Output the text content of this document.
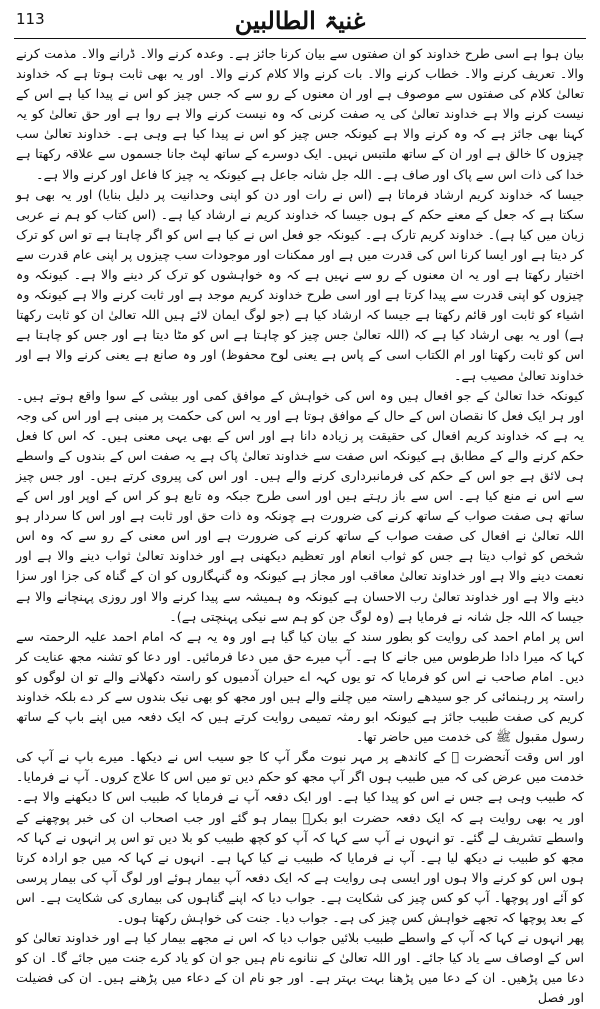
113	غنیۃ الطالبین

بیان ہوا ہے اسی طرح خداوند کو ان صفتوں سے بیان کرنا جائز ہے۔ وعدہ کرنے والا۔ ڈرانے والا۔ مذمت کرنے والا۔ تعریف کرنے والا۔ خطاب کرنے والا۔ بات کرنے والا کلام کرنے والا۔ اور یہ بھی ثابت ہوتا ہے کہ خداوند تعالیٰ کلام کی صفتوں سے موصوف ہے اور ان معنوں کے رو سے کہ جس چیز کو اس نے پیدا کیا ہے اس کے نیست کرنے والا ہے خداوند تعالیٰ کی یہ صفت کرنی کہ وہ نیست کرنے والا ہے روا ہے اور حق تعالیٰ کو یہ کہنا بھی جائز ہے کہ وہ کرنے والا ہے کیونکہ جس چیز کو اس نے پیدا کیا ہے وہی ہے۔ خداوند تعالیٰ سب چیزوں کا خالق ہے اور ان کے ساتھ ملتبس نہیں۔ ایک دوسرے کے ساتھ لپٹ جانا جسموں سے علاقہ رکھتا ہے خدا کی ذات اس سے پاک اور صاف ہے۔ اللہ جل شانہ جاعل ہے کیونکہ یہ چیز کا فاعل اور کرنے والا ہے۔

جیسا کہ خداوند کریم ارشاد فرماتا ہے (اس نے رات اور دن کو اپنی وحدانیت پر دلیل بنایا) اور یہ بھی ہو سکتا ہے کہ جعل کے معنے حکم کے ہوں جیسا کہ خداوند کریم نے ارشاد کیا ہے۔ (اس کتاب کو ہم نے عربی زبان میں کیا ہے)۔ خداوند کریم تارک ہے۔ کیونکہ جو فعل اس نے کیا ہے اس کو اگر چاہتا ہے تو اس کو ترک کر دیتا ہے اور ایسا کرنا اس کی قدرت میں ہے اور ممکنات اور موجودات سب چیزوں پر اپنی عام قدرت سے اختیار رکھتا ہے اور یہ ان معنوں کے رو سے نہیں ہے کہ وہ خواہشوں کو ترک کر دینے والا ہے۔ کیونکہ وہ چیزوں کو اپنی قدرت سے پیدا کرتا ہے اور اسی طرح خداوند کریم موجد ہے اور ثابت کرنے والا ہے کیونکہ وہ اشیاء کو ثابت اور قائم رکھتا ہے جیسا کہ ارشاد کیا ہے (جو لوگ ایمان لائے ہیں اللہ تعالیٰ ان کو ثابت رکھتا ہے) اور یہ بھی ارشاد کیا ہے کہ (اللہ تعالیٰ جس چیز کو چاہتا ہے اس کو مٹا دیتا ہے اور جس کو چاہتا ہے اس کو ثابت رکھتا اور ام الکتاب اسی کے پاس ہے یعنی لوح محفوظ) اور وہ صانع ہے یعنی کرنے والا ہے اور خداوند تعالیٰ مصیب ہے۔

کیونکہ خدا تعالیٰ کے جو افعال ہیں وہ اس کی خواہش کے موافق کمی اور بیشی کے سوا واقع ہوتے ہیں۔ اور ہر ایک فعل کا نقصان اس کے حال کے موافق ہوتا ہے اور یہ اس کی حکمت پر مبنی ہے اور اس کی وجہ یہ ہے کہ خداوند کریم افعال کی حقیقت پر زیادہ دانا ہے اور اس کے بھی یہی معنی ہیں۔ کہ اس کا فعل حکم کرنے والے کے مطابق ہے کیونکہ اس صفت سے خداوند تعالیٰ پاک ہے یہ صفت اس کے بندوں کے واسطے ہی لائق ہے جو اس کے حکم کی فرمانبرداری کرنے والے ہیں۔ اور اس کی پیروی کرتے ہیں۔ اور جس چیز سے اس نے منع کیا ہے۔ اس سے باز رہتے ہیں اور اسی طرح جبکہ وہ تابع ہو کر اس کے اوپر اور اس کے ساتھ ہی صفت صواب کے ساتھ کرنے کی ضرورت ہے چونکہ وہ ذات حق اور ثابت ہے اور اس کا سردار ہو اللہ تعالیٰ نے افعال کی صفت صواب کے ساتھ کرنے کی ضرورت ہے اور اس معنی کے رو سے کہ وہ اس شخص کو ثواب دیتا ہے جس کو ثواب انعام اور تعظیم دیکھنی ہے اور خداوند تعالیٰ ثواب دینے والا ہے اور نعمت دینے والا ہے اور خداوند تعالیٰ معاقب اور مجاز ہے کیونکہ وہ گنہگاروں کو ان کے گناہ کی جزا اور سزا دینے والا ہے اور خداوند تعالیٰ رب الاحسان ہے کیونکہ وہ ہمیشہ سے پیدا کرنے والا اور روزی پہنچانے والا ہے جیسا کہ اللہ جل شانہ نے فرمایا ہے (وہ لوگ جن کو ہم سے نیکی پہنچتی ہے)۔

اس پر امام احمد کی روایت کو بطور سند کے بیان کیا گیا ہے اور وہ یہ ہے کہ امام احمد علیہ الرحمتہ سے کہا کہ میرا دادا طرطوس میں جانے کا ہے۔ آپ میرے حق میں دعا فرمائیں۔ اور دعا کو تشنہ مجھ عنایت کر دیں۔ امام صاحب نے اس کو فرمایا کہ تو یوں کہہ اے حیران آدمیوں کو راستہ دکھلانے والے تو ان لوگوں کو راستہ پر رہنمائی کر جو سیدھے راستہ میں چلنے والے ہیں اور مجھ کو بھی نیک بندوں سے کر دے بلکہ خداوند کریم کی صفت طبیب جائز ہے کیونکہ ابو رمثہ تمیمی روایت کرتے ہیں کہ ایک دفعہ میں اپنے باپ کے ساتھ رسول مقبول ﷺ کی خدمت میں حاضر تھا۔

اور اس وقت آنحضرت ﷺ کے کاندھے پر مہر نبوت مگر آپ کا جو سیب اس نے دیکھا۔ میرے باپ نے آپ کی خدمت میں عرض کی کہ میں طبیب ہوں اگر آپ مجھ کو حکم دیں تو میں اس کا علاج کروں۔ آپ نے فرمایا۔ کہ طبیب وہی ہے جس نے اس کو پیدا کیا ہے۔ اور ایک دفعہ آپ نے فرمایا کہ طبیب اس کا دیکھنے والا ہے۔ اور یہ بھی روایت ہے کہ ایک دفعہ حضرت ابو بکرؓ بیمار ہو گئے اور جب اصحاب ان کی خبر پوچھنے کے واسطے تشریف لے گئے۔ تو انہوں نے آپ سے کہا کہ آپ کو کچھ طبیب کو بلا دیں تو اس پر انہوں نے کہا کہ مجھ کو طبیب نے دیکھ لیا ہے۔ آپ نے فرمایا کہ طبیب نے کیا کہا ہے۔ انہوں نے کہا کہ میں جو ارادہ کرتا ہوں اس کو کرنے والا ہوں اور ایسی ہی روایت ہے کہ ایک دفعہ آپ بیمار ہوئے اور لوگ آپ کی بیمار پرسی کو آئے اور پوچھا۔ آپ کو کس چیز کی شکایت ہے۔ جواب دیا کہ اپنے گناہوں کی بیماری کی شکایت ہے۔ اس کے بعد پوچھا کہ تجھے خواہش کس چیز کی ہے۔ جواب دیا۔ جنت کی خواہش رکھتا ہوں۔

پھر انہوں نے کہا کہ آپ کے واسطے طبیب بلائیں جواب دیا کہ اس نے مجھے بیمار کیا ہے اور خداوند تعالیٰ کو اس کے اوصاف سے یاد کیا جائے۔ اور اللہ تعالیٰ کے ننانوے نام ہیں جو ان کو یاد کرے جنت میں جائے گا۔ ان کو دعا میں پڑھیں۔ ان کے دعا میں پڑھنا بہت بہتر ہے۔ اور جو نام ان کے دعاء میں پڑھنے ہیں۔ ان کی فضیلت اور فصل
